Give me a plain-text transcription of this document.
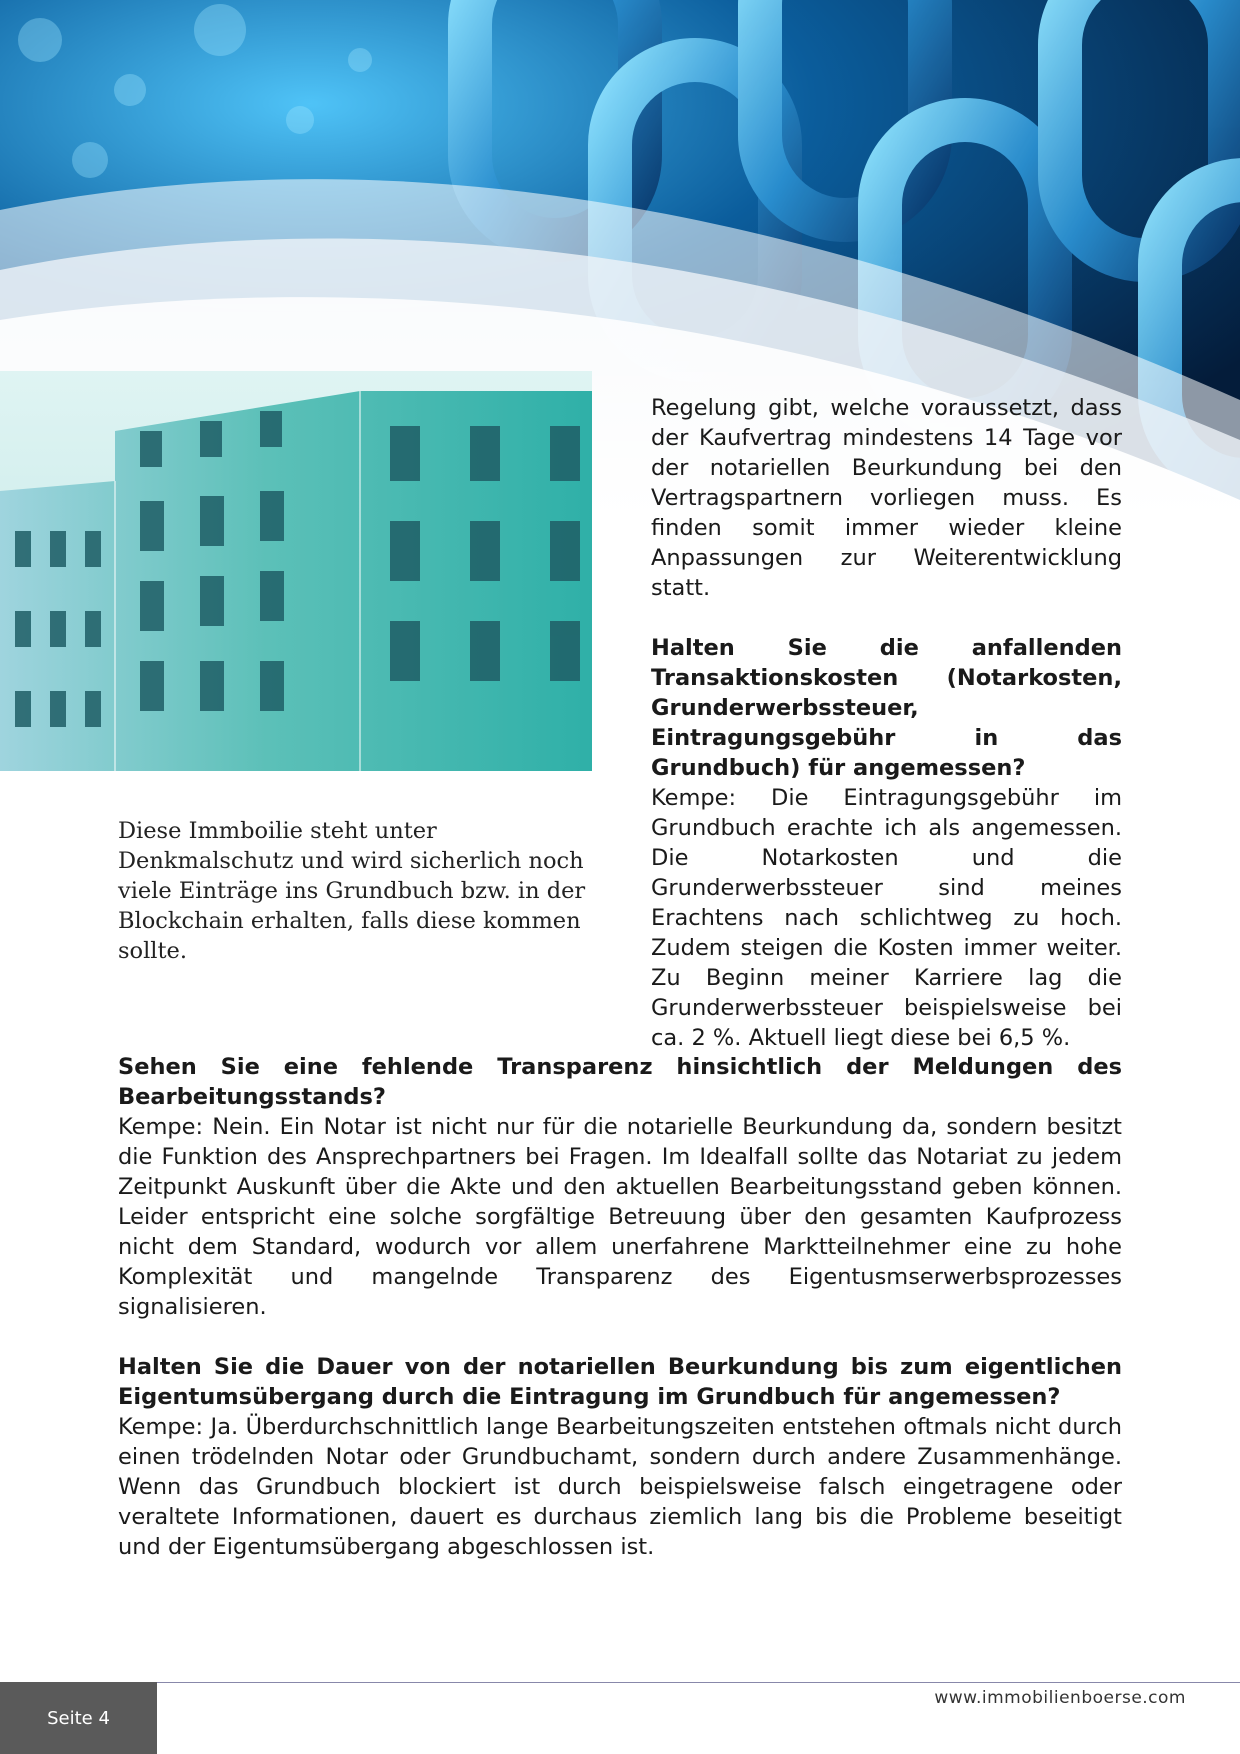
Diese Immboilie steht unter Denkmalschutz und wird sicherlich noch viele Einträge ins Grundbuch bzw. in der Blockchain erhalten, falls diese kommen sollte.

Regelung gibt, welche voraussetzt, dass der Kaufvertrag mindestens 14 Tage vor der notariellen Beurkundung bei den Vertragspartnern vorliegen muss. Es finden somit immer wieder kleine Anpassungen zur Weiterentwicklung statt.

Halten Sie die anfallenden Transaktionskosten (Notarkosten, Grunderwerbssteuer, Eintragungsgebühr in das Grundbuch) für angemessen?

Kempe: Die Eintragungsgebühr im Grundbuch erachte ich als angemessen. Die Notarkosten und die Grunderwerbssteuer sind meines Erachtens nach schlichtweg zu hoch. Zudem steigen die Kosten immer weiter. Zu Beginn meiner Karriere lag die Grunderwerbssteuer beispielsweise bei ca. 2 %. Aktuell liegt diese bei 6,5 %.

Sehen Sie eine fehlende Transparenz hinsichtlich der Meldungen des Bearbeitungsstands?

Kempe: Nein. Ein Notar ist nicht nur für die notarielle Beurkundung da, sondern besitzt die Funktion des Ansprechpartners bei Fragen. Im Idealfall sollte das Notariat zu jedem Zeitpunkt Auskunft über die Akte und den aktuellen Bearbeitungsstand geben können. Leider entspricht eine solche sorgfältige Betreuung über den gesamten Kaufprozess nicht dem Standard, wodurch vor allem unerfahrene Marktteilnehmer eine zu hohe Komplexität und mangelnde Transparenz des Eigentusmserwerbsprozesses signalisieren.

Halten Sie die Dauer von der notariellen Beurkundung bis zum eigentlichen Eigentumsübergang durch die Eintragung im Grundbuch für angemessen?

Kempe: Ja. Überdurchschnittlich lange Bearbeitungszeiten entstehen oftmals nicht durch einen trödelnden Notar oder Grundbuchamt, sondern durch andere Zusammenhänge. Wenn das Grundbuch blockiert ist durch beispielsweise falsch eingetragene oder veraltete Informationen, dauert es durchaus ziemlich lang bis die Probleme beseitigt und der Eigentumsübergang abgeschlossen ist.

Seite 4
www.immobilienboerse.com
